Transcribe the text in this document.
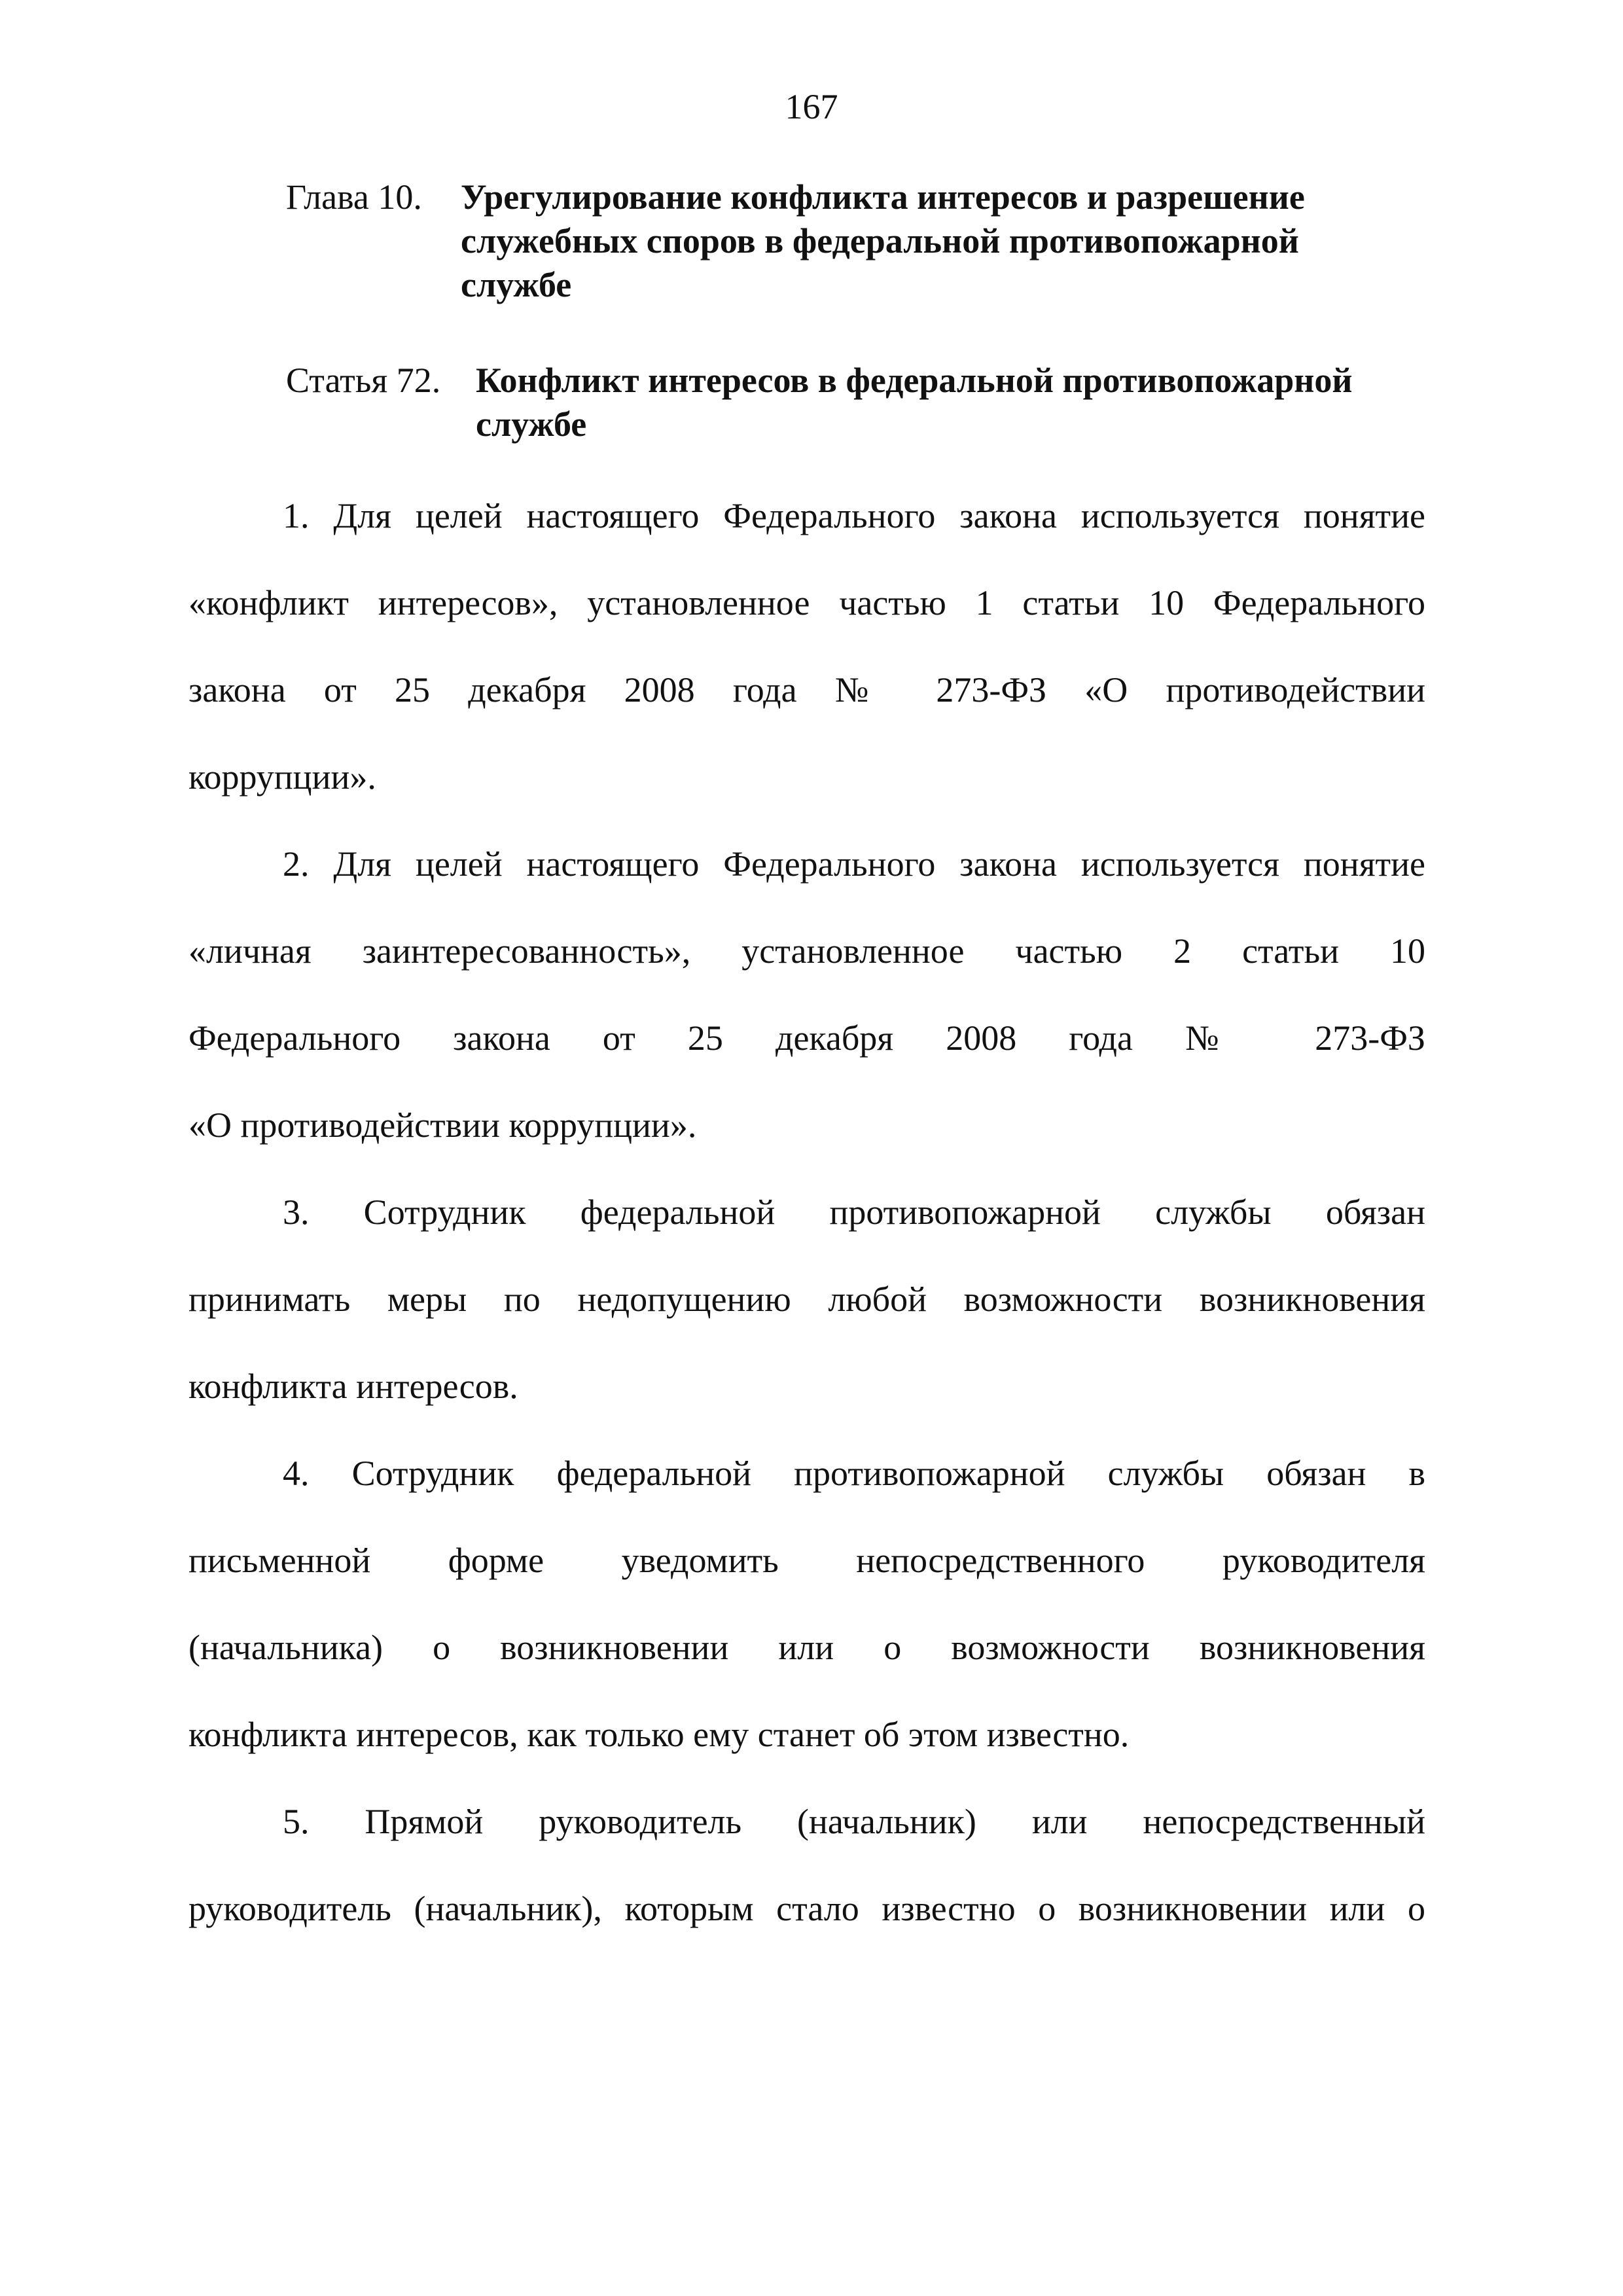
167
Глава 10.	Урегулирование конфликта интересов и разрешение
служебных споров в федеральной противопожарной
службе
Статья 72. Конфликт интересов в федеральной противопожарной
службе
1. Для целей настоящего Федерального закона используется понятие
«конфликт интересов», установленное частью 1 статьи 10 Федерального
закона от 25 декабря 2008 года № 273-ФЗ «О противодействии
коррупции».
2. Для целей настоящего Федерального закона используется понятие
«личная заинтересованность», установленное частью 2 статьи 10
Федерального закона от 25 декабря 2008 года № 273-ФЗ
«О противодействии коррупции».
3. Сотрудник федеральной противопожарной службы обязан
принимать меры по недопущению любой возможности возникновения
конфликта интересов.
4. Сотрудник федеральной противопожарной службы обязан в
письменной форме уведомить непосредственного руководителя
(начальника) о возникновении или о возможности возникновения
конфликта интересов, как только ему станет об этом известно.
5. Прямой руководитель (начальник) или непосредственный
руководитель (начальник), которым стало известно о возникновении или о
